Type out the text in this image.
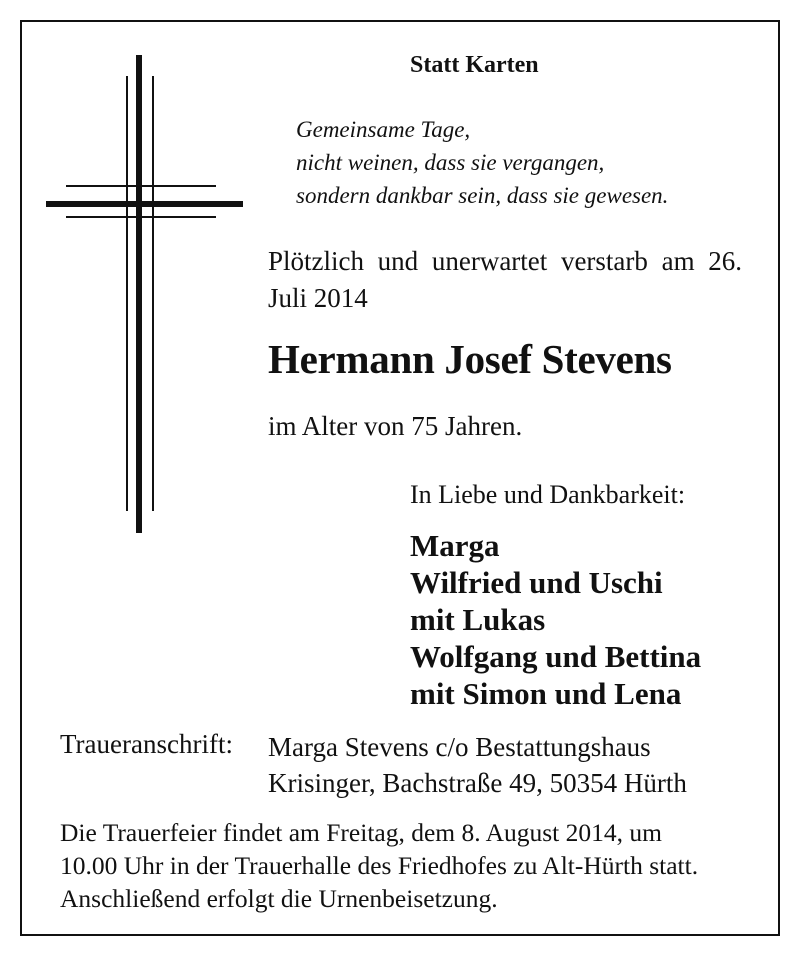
Statt Karten
Gemeinsame Tage,
nicht weinen, dass sie vergangen,
sondern dankbar sein, dass sie gewesen.
Plötzlich und unerwartet verstarb am 26. Juli 2014
Hermann Josef Stevens
im Alter von 75 Jahren.
In Liebe und Dankbarkeit:
Marga
Wilfried und Uschi
mit Lukas
Wolfgang und Bettina
mit Simon und Lena
Traueranschrift: Marga Stevens c/o Bestattungshaus
Krisinger, Bachstraße 49, 50354 Hürth
Die Trauerfeier findet am Freitag, dem 8. August 2014, um
10.00 Uhr in der Trauerhalle des Friedhofes zu Alt-Hürth statt.
Anschließend erfolgt die Urnenbeisetzung.
